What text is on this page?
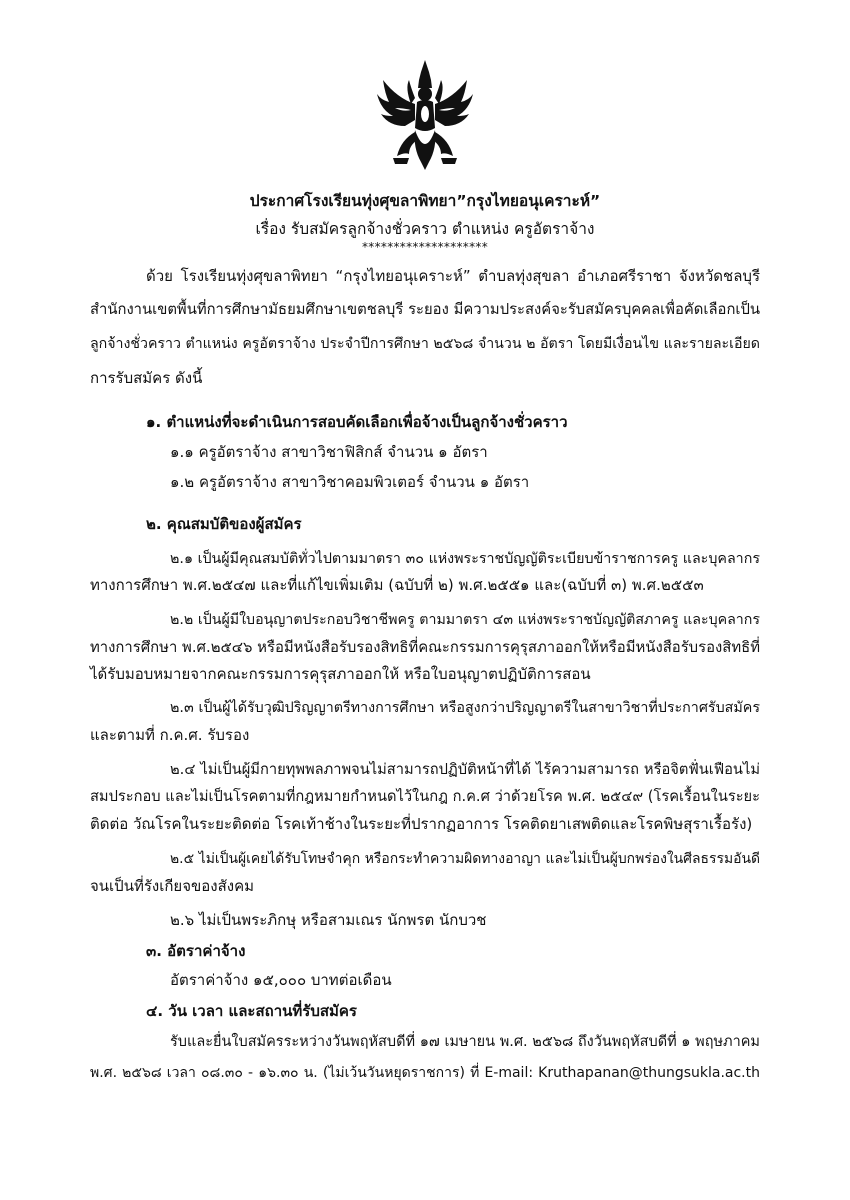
ประกาศโรงเรียนทุ่งศุขลาพิทยา”กรุงไทยอนุเคราะห์”
เรื่อง รับสมัครลูกจ้างชั่วคราว ตำแหน่ง ครูอัตราจ้าง
********************
ด้วย โรงเรียนทุ่งศุขลาพิทยา “กรุงไทยอนุเคราะห์” ตำบลทุ่งสุขลา อำเภอศรีราชา จังหวัดชลบุรี
สำนักงานเขตพื้นที่การศึกษามัธยมศึกษาเขตชลบุรี ระยอง มีความประสงค์จะรับสมัครบุคคลเพื่อคัดเลือกเป็น
ลูกจ้างชั่วคราว ตำแหน่ง ครูอัตราจ้าง ประจำปีการศึกษา ๒๕๖๘ จำนวน ๒ อัตรา โดยมีเงื่อนไข และรายละเอียด
การรับสมัคร ดังนี้
๑. ตำแหน่งที่จะดำเนินการสอบคัดเลือกเพื่อจ้างเป็นลูกจ้างชั่วคราว
๑.๑ ครูอัตราจ้าง สาขาวิชาฟิสิกส์ จำนวน ๑ อัตรา
๑.๒ ครูอัตราจ้าง สาขาวิชาคอมพิวเตอร์ จำนวน ๑ อัตรา
๒. คุณสมบัติของผู้สมัคร
๒.๑ เป็นผู้มีคุณสมบัติทั่วไปตามมาตรา ๓๐ แห่งพระราชบัญญัติระเบียบข้าราชการครู และบุคลากร
ทางการศึกษา พ.ศ.๒๕๔๗ และที่แก้ไขเพิ่มเติม (ฉบับที่ ๒) พ.ศ.๒๕๕๑ และ(ฉบับที่ ๓) พ.ศ.๒๕๕๓
๒.๒ เป็นผู้มีใบอนุญาตประกอบวิชาชีพครู ตามมาตรา ๔๓ แห่งพระราชบัญญัติสภาครู และบุคลากร
ทางการศึกษา พ.ศ.๒๕๔๖ หรือมีหนังสือรับรองสิทธิที่คณะกรรมการคุรุสภาออกให้หรือมีหนังสือรับรองสิทธิที่
ได้รับมอบหมายจากคณะกรรมการคุรุสภาออกให้ หรือใบอนุญาตปฏิบัติการสอน
๒.๓ เป็นผู้ได้รับวุฒิปริญญาตรีทางการศึกษา หรือสูงกว่าปริญญาตรีในสาขาวิชาที่ประกาศรับสมัคร
และตามที่ ก.ค.ศ. รับรอง
๒.๔ ไม่เป็นผู้มีกายทุพพลภาพจนไม่สามารถปฏิบัติหน้าที่ได้ ไร้ความสามารถ หรือจิตฟั่นเฟือนไม่
สมประกอบ และไม่เป็นโรคตามที่กฎหมายกำหนดไว้ในกฎ ก.ค.ศ ว่าด้วยโรค พ.ศ. ๒๕๔๙ (โรคเรื้อนในระยะ
ติดต่อ วัณโรคในระยะติดต่อ โรคเท้าช้างในระยะที่ปรากฏอาการ โรคติดยาเสพติดและโรคพิษสุราเรื้อรัง)
๒.๕ ไม่เป็นผู้เคยได้รับโทษจำคุก หรือกระทำความผิดทางอาญา และไม่เป็นผู้บกพร่องในศีลธรรมอันดี
จนเป็นที่รังเกียจของสังคม
๒.๖ ไม่เป็นพระภิกษุ หรือสามเณร นักพรต นักบวช
๓. อัตราค่าจ้าง
อัตราค่าจ้าง ๑๕,๐๐๐ บาทต่อเดือน
๔. วัน เวลา และสถานที่รับสมัคร
รับและยื่นใบสมัครระหว่างวันพฤหัสบดีที่ ๑๗ เมษายน พ.ศ. ๒๕๖๘ ถึงวันพฤหัสบดีที่ ๑ พฤษภาคม
พ.ศ. ๒๕๖๘ เวลา ๐๘.๓๐ - ๑๖.๓๐ น. (ไม่เว้นวันหยุดราชการ) ที่ E-mail: Kruthapanan@thungsukla.ac.th
